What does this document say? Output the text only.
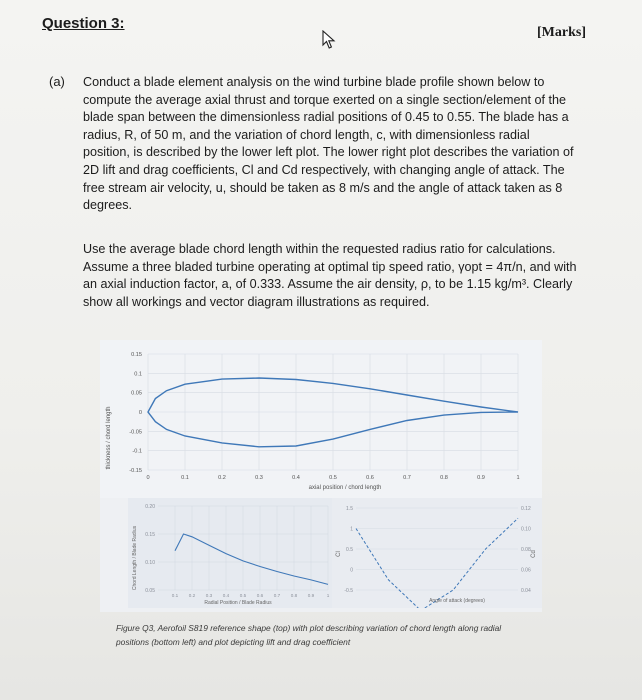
Question 3:
[Marks]
(a) Conduct a blade element analysis on the wind turbine blade profile shown below to compute the average axial thrust and torque exerted on a single section/element of the blade span between the dimensionless radial positions of 0.45 to 0.55. The blade has a radius, R, of 50 m, and the variation of chord length, c, with dimensionless radial position, is described by the lower left plot. The lower right plot describes the variation of 2D lift and drag coefficients, Cl and Cd respectively, with changing angle of attack. The free stream air velocity, u, should be taken as 8 m/s and the angle of attack taken as 8 degrees.

Use the average blade chord length within the requested radius ratio for calculations. Assume a three bladed turbine operating at optimal tip speed ratio, γopt = 4π/n, and with an axial induction factor, a, of 0.333. Assume the air density, ρ, to be 1.15 kg/m³. Clearly show all workings and vector diagram illustrations as required.

0.15
0.1
0.05
0
-0.05
-0.1
-0.15
0	0.1	0.2	0.3	0.4	0.5	0.6	0.7	0.8	0.9	1
thickness / chord length
axial position / chord length
0.20
0.15
0.10
0.05
0.1 0.2 0.3 0.4 0.5 0.6 0.7 0.8 0.9	1
Chord Length / Blade Radius
Radial Position / Blade Radius
1.5
1
0.5
0
-0.5
0.12
0.10
0.08
0.06
0.04
Cl	Cd
Angle of attack (degrees)

Figure Q3, Aerofoil S819 reference shape (top) with plot describing variation of chord length along radial positions (bottom left) and plot depicting lift and drag coefficient
